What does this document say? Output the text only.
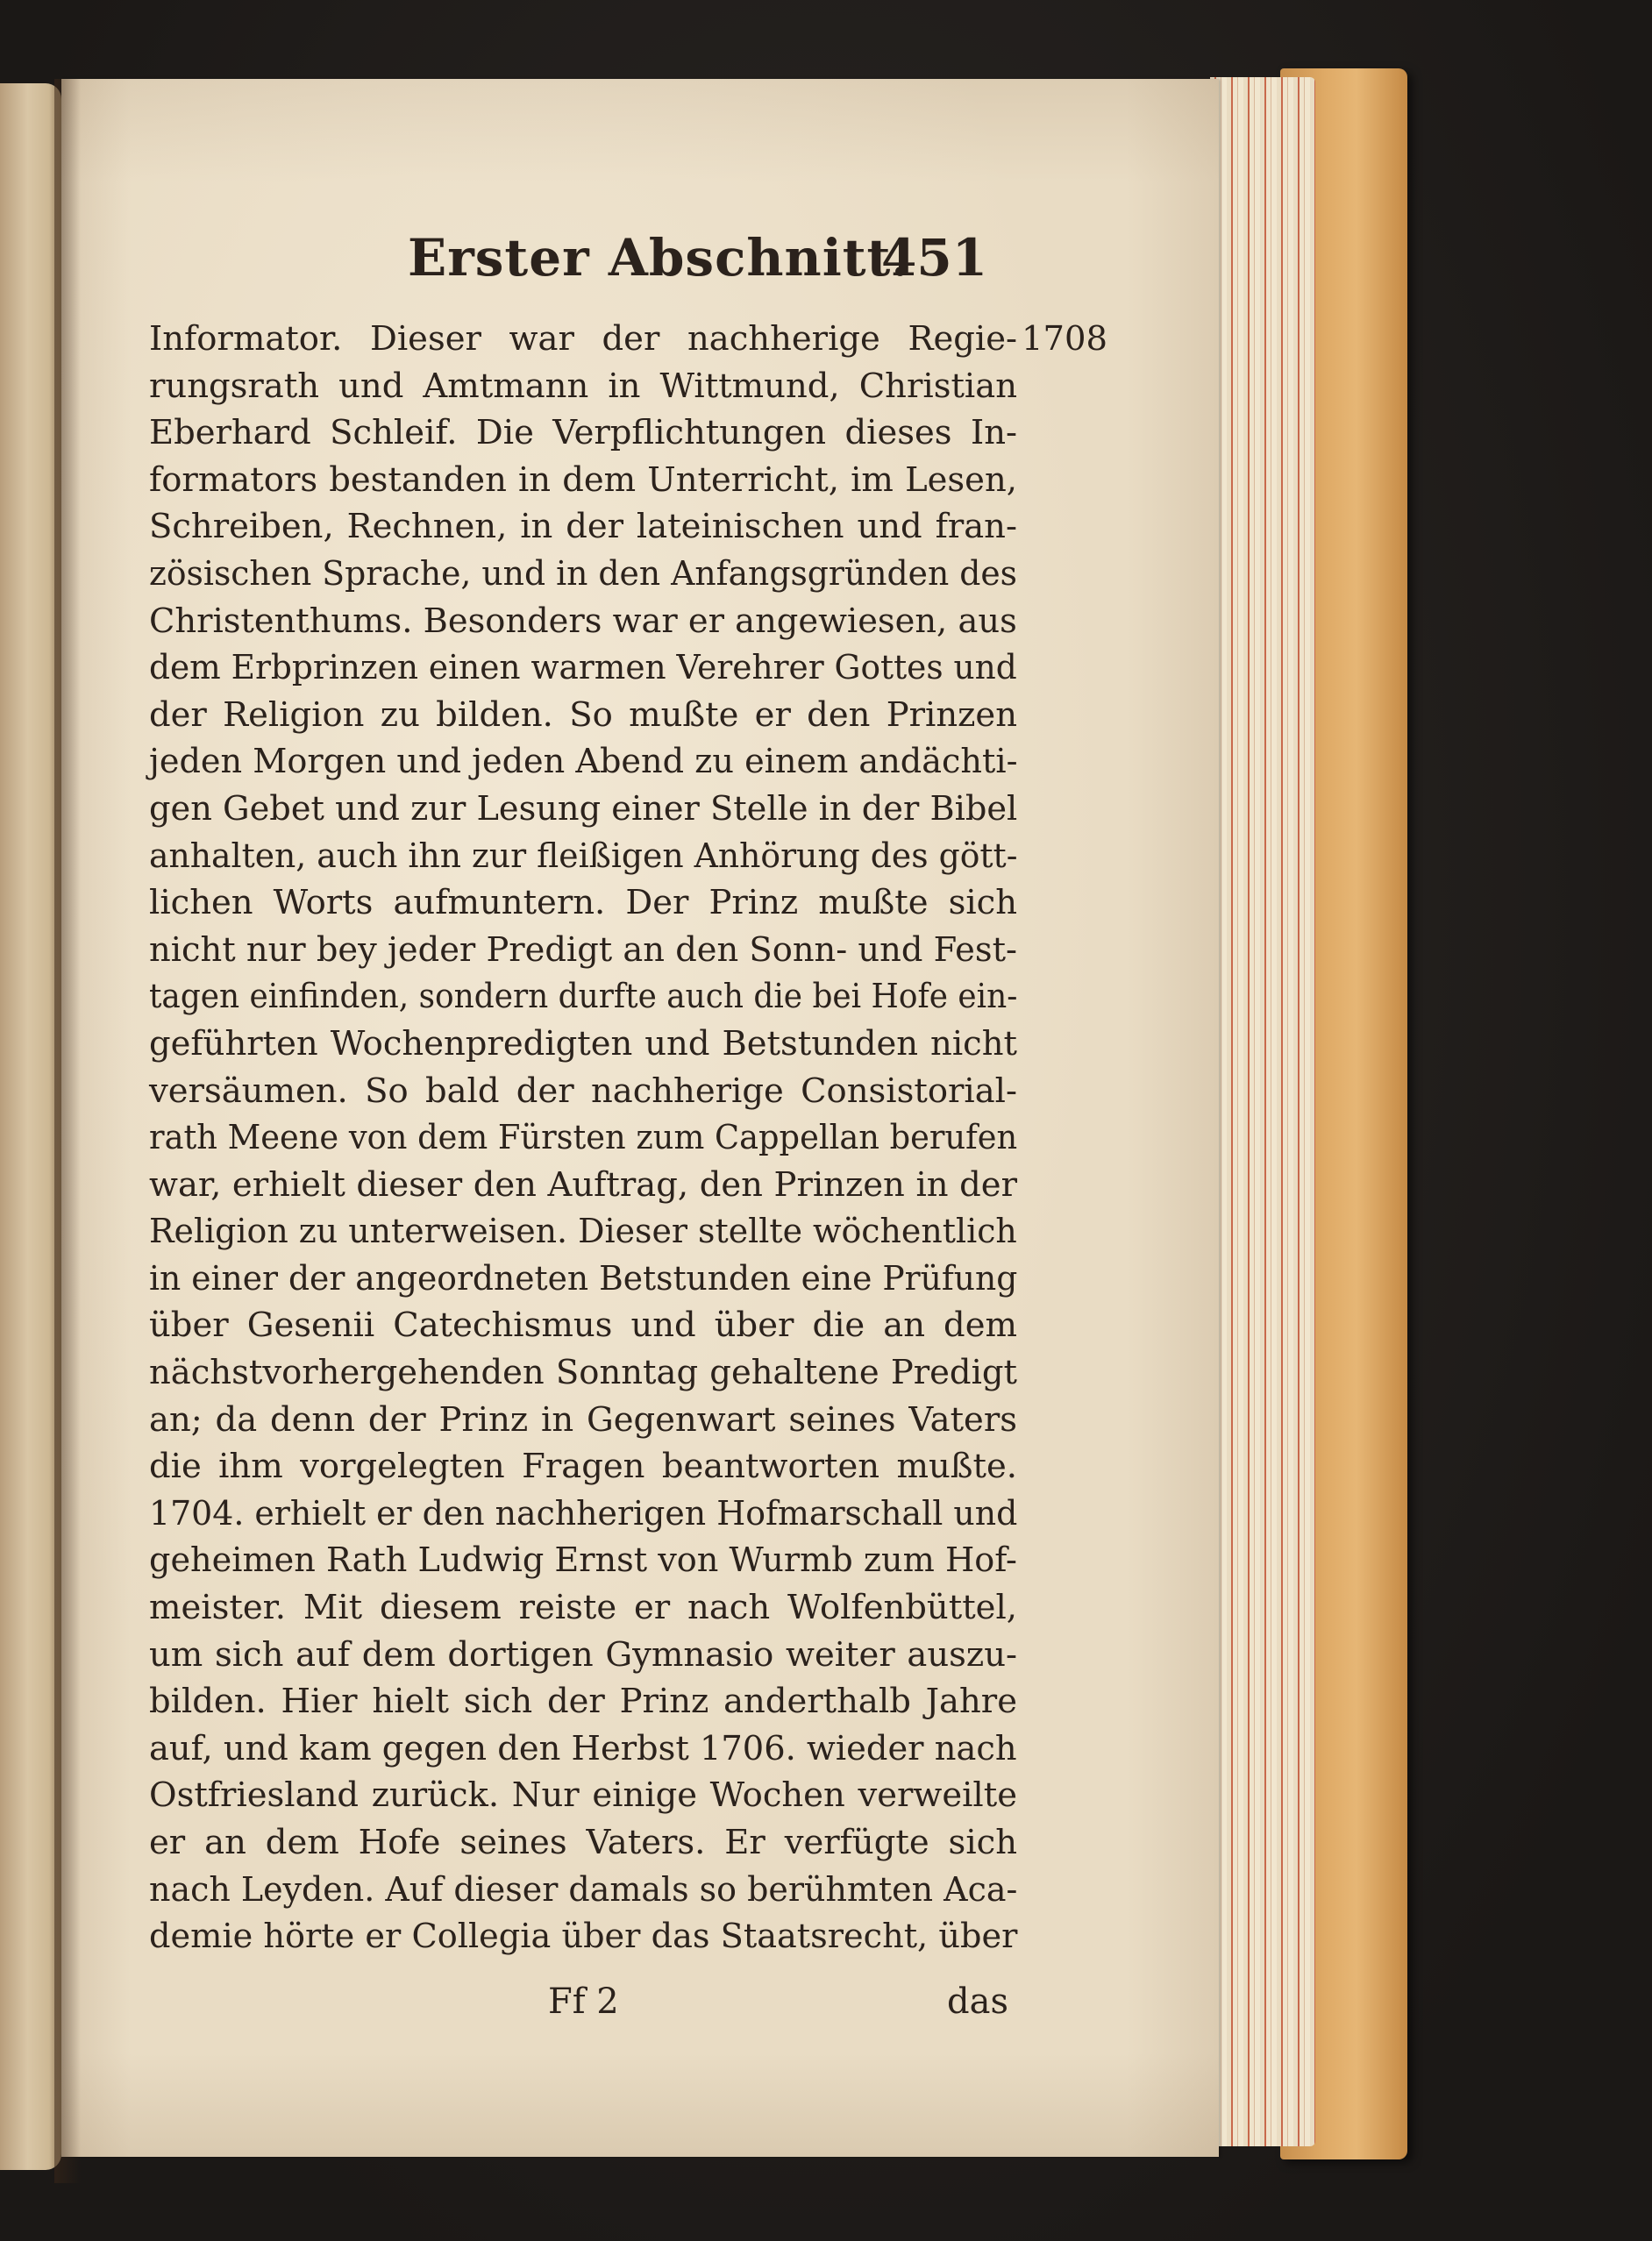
Erster Abschnitt.
451
Informator. Dieser war der nachherige Regie-
rungsrath und Amtmann in Wittmund, Christian
Eberhard Schleif. Die Verpflichtungen dieses In-
formators bestanden in dem Unterricht, im Lesen,
Schreiben, Rechnen, in der lateinischen und fran-
zösischen Sprache, und in den Anfangsgründen des
Christenthums. Besonders war er angewiesen, aus
dem Erbprinzen einen warmen Verehrer Gottes und
der Religion zu bilden. So mußte er den Prinzen
jeden Morgen und jeden Abend zu einem andächti-
gen Gebet und zur Lesung einer Stelle in der Bibel
anhalten, auch ihn zur fleißigen Anhörung des gött-
lichen Worts aufmuntern. Der Prinz mußte sich
nicht nur bey jeder Predigt an den Sonn- und Fest-
tagen einfinden, sondern durfte auch die bei Hofe ein-
geführten Wochenpredigten und Betstunden nicht
versäumen. So bald der nachherige Consistorial-
rath Meene von dem Fürsten zum Cappellan berufen
war, erhielt dieser den Auftrag, den Prinzen in der
Religion zu unterweisen. Dieser stellte wöchentlich
in einer der angeordneten Betstunden eine Prüfung
über Gesenii Catechismus und über die an dem
nächstvorhergehenden Sonntag gehaltene Predigt
an; da denn der Prinz in Gegenwart seines Vaters
die ihm vorgelegten Fragen beantworten mußte.
1704. erhielt er den nachherigen Hofmarschall und
geheimen Rath Ludwig Ernst von Wurmb zum Hof-
meister. Mit diesem reiste er nach Wolfenbüttel,
um sich auf dem dortigen Gymnasio weiter auszu-
bilden. Hier hielt sich der Prinz anderthalb Jahre
auf, und kam gegen den Herbst 1706. wieder nach
Ostfriesland zurück. Nur einige Wochen verweilte
er an dem Hofe seines Vaters. Er verfügte sich
nach Leyden. Auf dieser damals so berühmten Aca-
demie hörte er Collegia über das Staatsrecht, über
1708
Ff 2	das
